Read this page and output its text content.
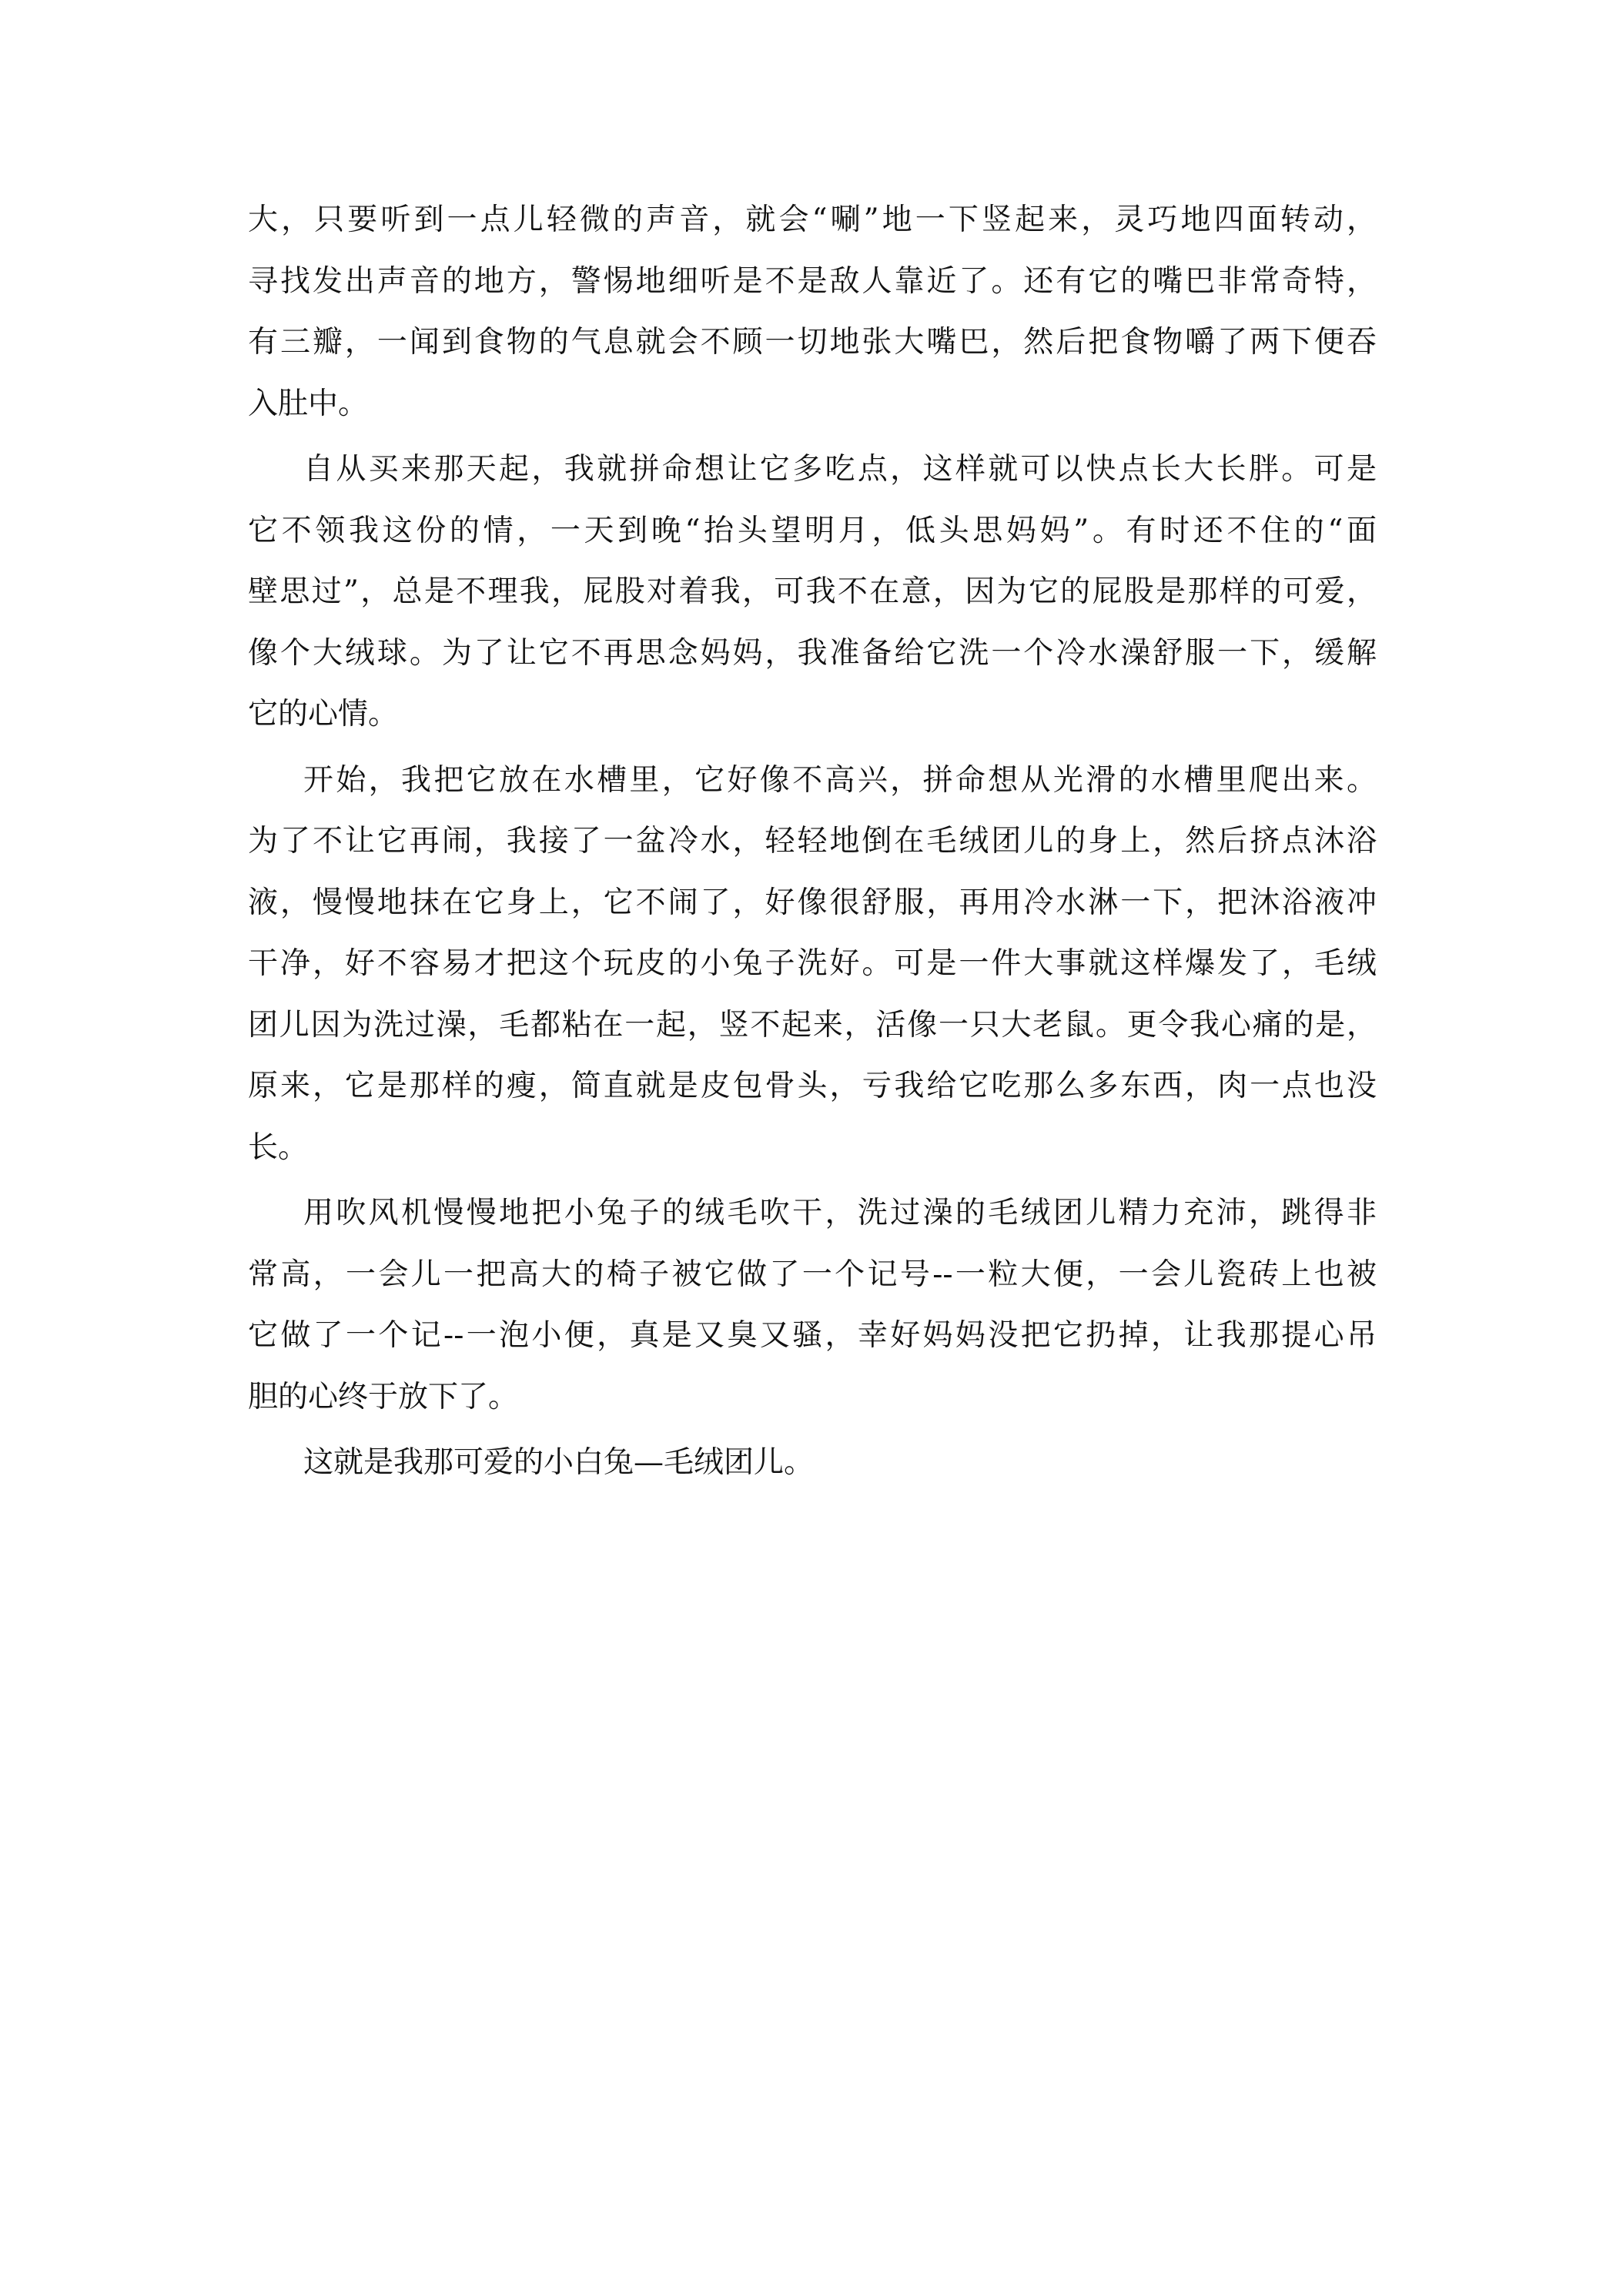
大，只要听到一点儿轻微的声音，就会“唰”地一下竖起来，灵巧地四面转动，
寻找发出声音的地方，警惕地细听是不是敌人靠近了。还有它的嘴巴非常奇特，
有三瓣，一闻到食物的气息就会不顾一切地张大嘴巴，然后把食物嚼了两下便吞
入肚中。
自从买来那天起，我就拼命想让它多吃点，这样就可以快点长大长胖。可是
它不领我这份的情，一天到晚“抬头望明月，低头思妈妈”。有时还不住的“面
壁思过”，总是不理我，屁股对着我，可我不在意，因为它的屁股是那样的可爱，
像个大绒球。为了让它不再思念妈妈，我准备给它洗一个冷水澡舒服一下，缓解
它的心情。
开始，我把它放在水槽里，它好像不高兴，拼命想从光滑的水槽里爬出来。
为了不让它再闹，我接了一盆冷水，轻轻地倒在毛绒团儿的身上，然后挤点沐浴
液，慢慢地抹在它身上，它不闹了，好像很舒服，再用冷水淋一下，把沐浴液冲
干净，好不容易才把这个玩皮的小兔子洗好。可是一件大事就这样爆发了，毛绒
团儿因为洗过澡，毛都粘在一起，竖不起来，活像一只大老鼠。更令我心痛的是，
原来，它是那样的瘦，简直就是皮包骨头，亏我给它吃那么多东西，肉一点也没
长。
用吹风机慢慢地把小兔子的绒毛吹干，洗过澡的毛绒团儿精力充沛，跳得非
常高，一会儿一把高大的椅子被它做了一个记号--一粒大便，一会儿瓷砖上也被
它做了一个记--一泡小便，真是又臭又骚，幸好妈妈没把它扔掉，让我那提心吊
胆的心终于放下了。
这就是我那可爱的小白兔—毛绒团儿。
